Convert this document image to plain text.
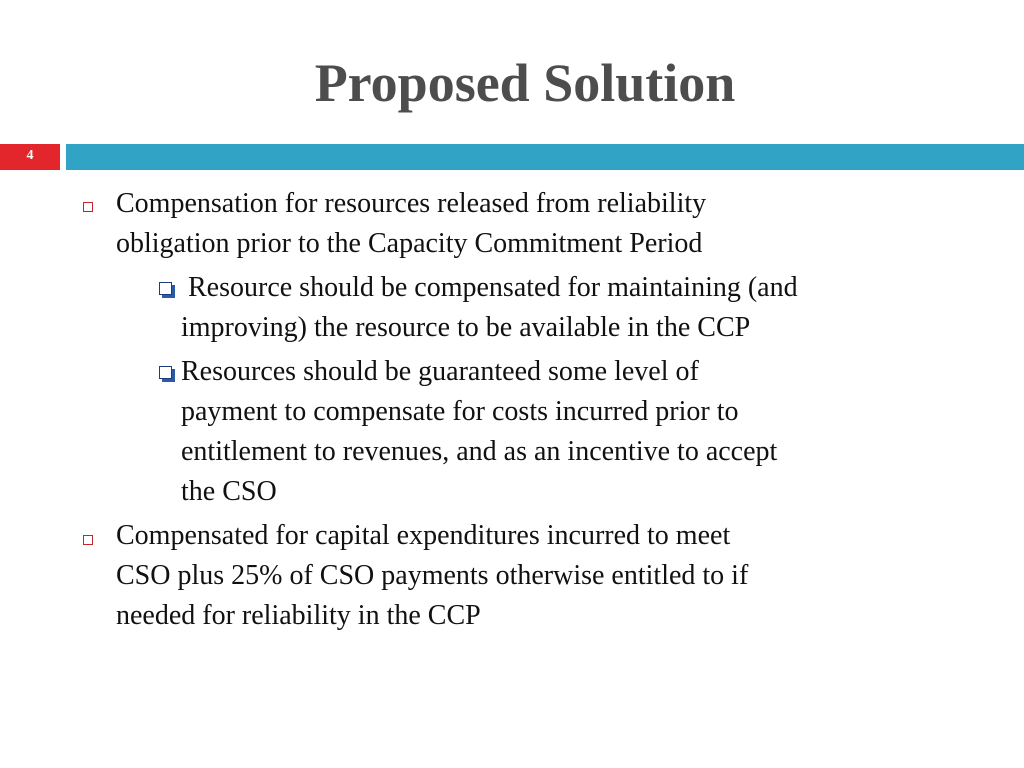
Proposed Solution
4
Compensation for resources released from reliability
obligation prior to the Capacity Commitment Period
Resource should be compensated for maintaining (and
improving) the resource to be available in the CCP
Resources should be guaranteed some level of
payment to compensate for costs incurred prior to
entitlement to revenues, and as an incentive to accept
the CSO
Compensated for capital expenditures incurred to meet
CSO plus 25% of CSO payments otherwise entitled to if
needed for reliability in the CCP
